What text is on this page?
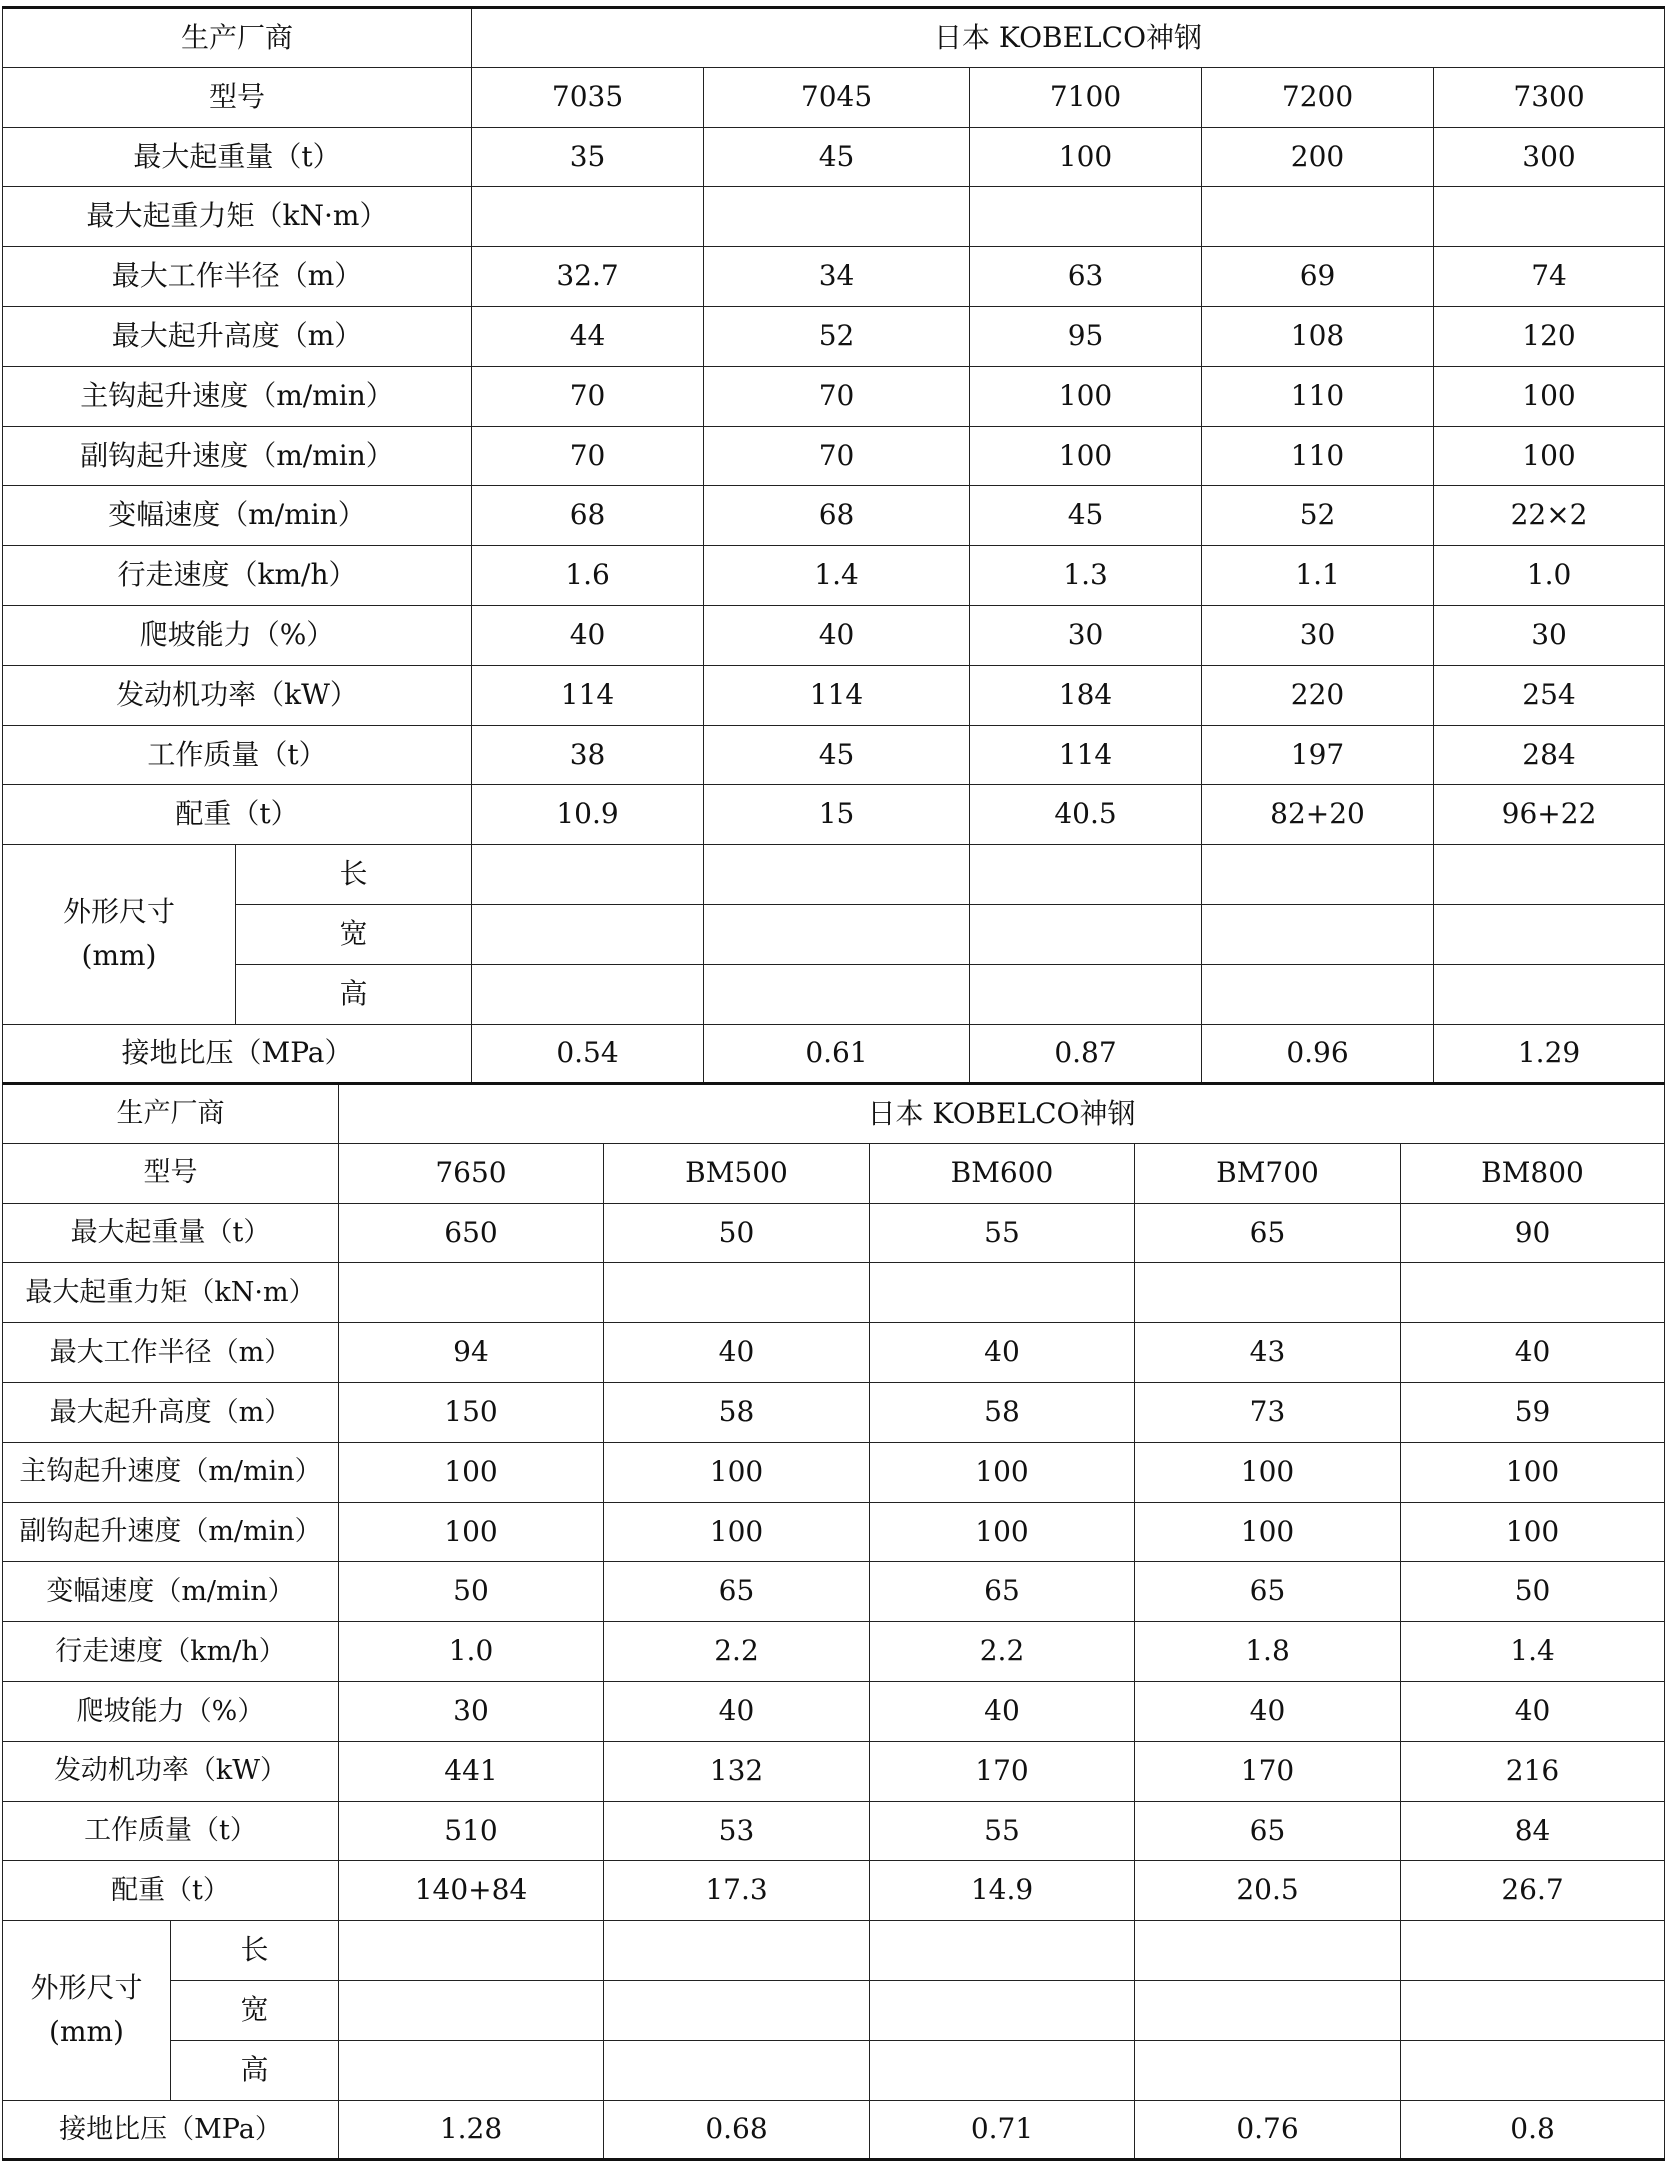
生产厂商		日本 KOBELCO神钢				
型号		7035	7045	7100	7200	7300
最大起重量（t）		35	45	100	200	300
最大起重力矩（kN·m）						
最大工作半径（m）		32.7	34	63	69	74
最大起升高度（m）		44	52	95	108	120
主钩起升速度（m/min）		70	70	100	110	100
副钩起升速度（m/min）		70	70	100	110	100
变幅速度（m/min）		68	68	45	52	22×2
行走速度（km/h）		1.6	1.4	1.3	1.1	1.0
爬坡能力（%）		40	40	30	30	30
发动机功率（kW）		114	114	184	220	254
工作质量（t）		38	45	114	197	284
配重（t）		10.9	15	40.5	82+20	96+22

外形尺寸
(mm)	长					
	宽					
	高					
接地比压（MPa）		0.54	0.61	0.87	0.96	1.29
生产厂商		日本 KOBELCO神钢				
型号		7650	BM500	BM600	BM700	BM800
最大起重量（t）		650	50	55	65	90
最大起重力矩（kN·m）						
最大工作半径（m）		94	40	40	43	40
最大起升高度（m）		150	58	58	73	59
主钩起升速度（m/min）		100	100	100	100	100
副钩起升速度（m/min）		100	100	100	100	100
变幅速度（m/min）		50	65	65	65	50
行走速度（km/h）		1.0	2.2	2.2	1.8	1.4
爬坡能力（%）		30	40	40	40	40
发动机功率（kW）		441	132	170	170	216
工作质量（t）		510	53	55	65	84
配重（t）		140+84	17.3	14.9	20.5	26.7

外形尺寸
(mm)	长					
	宽					
	高					
接地比压（MPa）		1.28	0.68	0.71	0.76	0.8
